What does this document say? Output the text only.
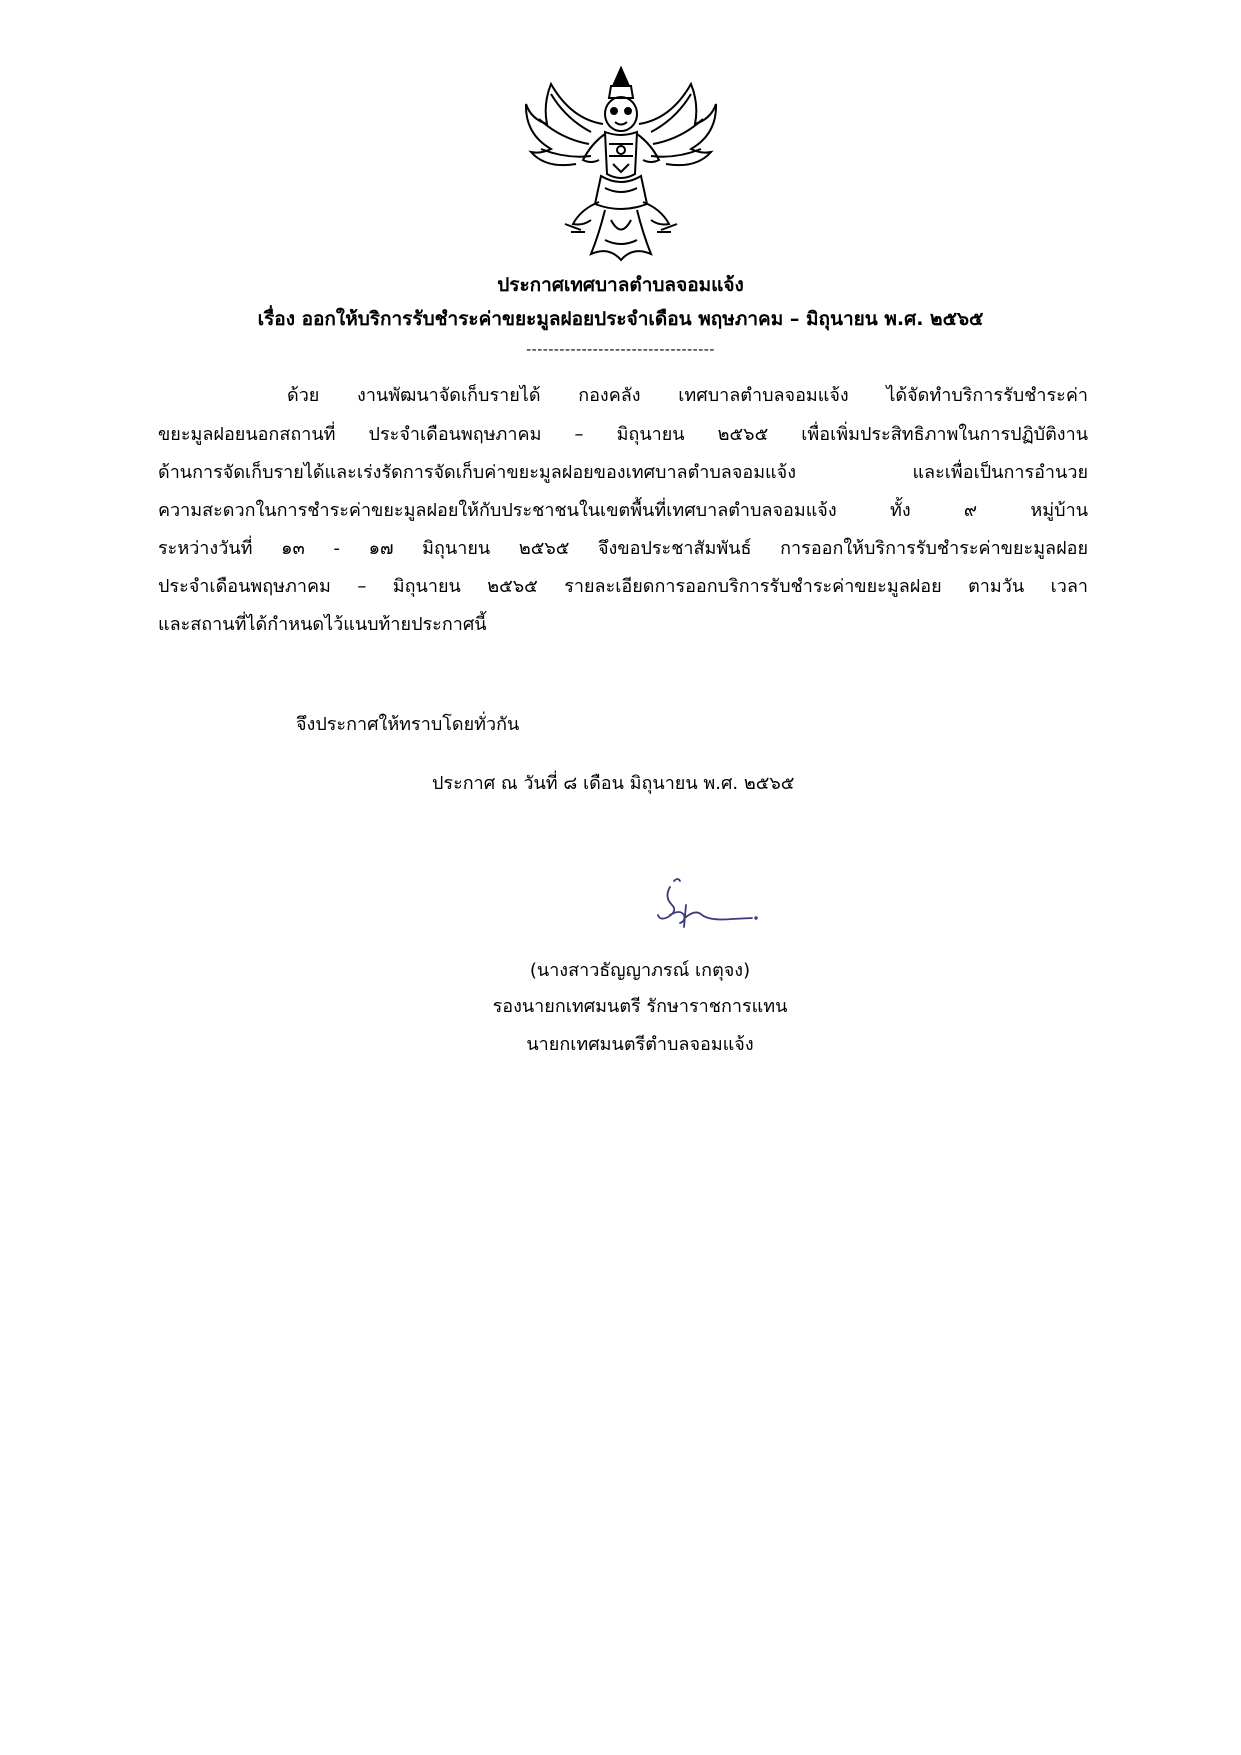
ประกาศเทศบาลตำบลจอมแจ้ง
เรื่อง ออกให้บริการรับชำระค่าขยะมูลฝอยประจำเดือน พฤษภาคม – มิถุนายน พ.ศ. ๒๕๖๕
----------------------------------
ด้วย งานพัฒนาจัดเก็บรายได้ กองคลัง เทศบาลตำบลจอมแจ้ง ได้จัดทำบริการรับชำระค่า
ขยะมูลฝอยนอกสถานที่ ประจำเดือนพฤษภาคม – มิถุนายน ๒๕๖๕ เพื่อเพิ่มประสิทธิภาพในการปฏิบัติงาน
ด้านการจัดเก็บรายได้และเร่งรัดการจัดเก็บค่าขยะมูลฝอยของเทศบาลตำบลจอมแจ้ง และเพื่อเป็นการอำนวย
ความสะดวกในการชำระค่าขยะมูลฝอยให้กับประชาชนในเขตพื้นที่เทศบาลตำบลจอมแจ้ง ทั้ง ๙ หมู่บ้าน
ระหว่างวันที่ ๑๓ - ๑๗ มิถุนายน ๒๕๖๕ จึงขอประชาสัมพันธ์ การออกให้บริการรับชำระค่าขยะมูลฝอย
ประจำเดือนพฤษภาคม – มิถุนายน ๒๕๖๕ รายละเอียดการออกบริการรับชำระค่าขยะมูลฝอย ตามวัน เวลา
และสถานที่ได้กำหนดไว้แนบท้ายประกาศนี้
จึงประกาศให้ทราบโดยทั่วกัน
ประกาศ ณ วันที่ ๘ เดือน มิถุนายน พ.ศ. ๒๕๖๕
(นางสาวธัญญาภรณ์ เกตุจง)
รองนายกเทศมนตรี รักษาราชการแทน
นายกเทศมนตรีตำบลจอมแจ้ง
